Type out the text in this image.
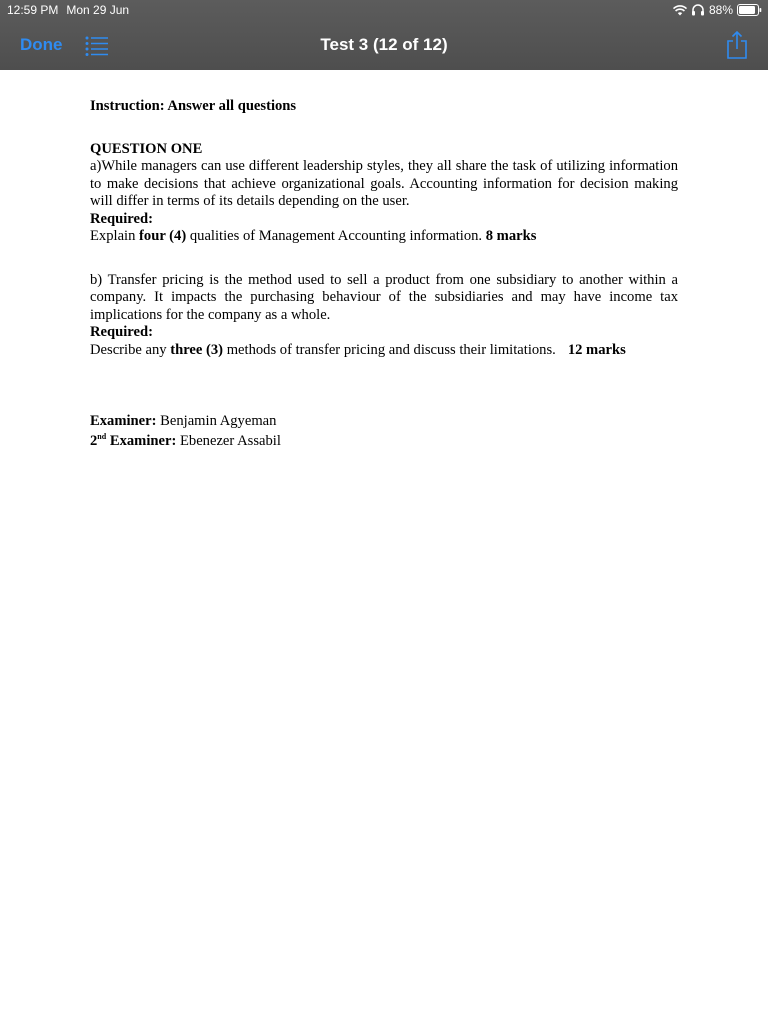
12:59 PM Mon 29 Jun	88%
Done	Test 3 (12 of 12)

Instruction: Answer all questions

QUESTION ONE

a)While managers can use different leadership styles, they all share the task of utilizing information to make decisions that achieve organizational goals. Accounting information for decision making will differ in terms of its details depending on the user.

Required:

Explain four (4) qualities of Management Accounting information. 8 marks

b) Transfer pricing is the method used to sell a product from one subsidiary to another within a company. It impacts the purchasing behaviour of the subsidiaries and may have income tax implications for the company as a whole.

Required:

Describe any three (3) methods of transfer pricing and discuss their limitations. 12 marks

Examiner: Benjamin Agyeman

2nd Examiner: Ebenezer Assabil
